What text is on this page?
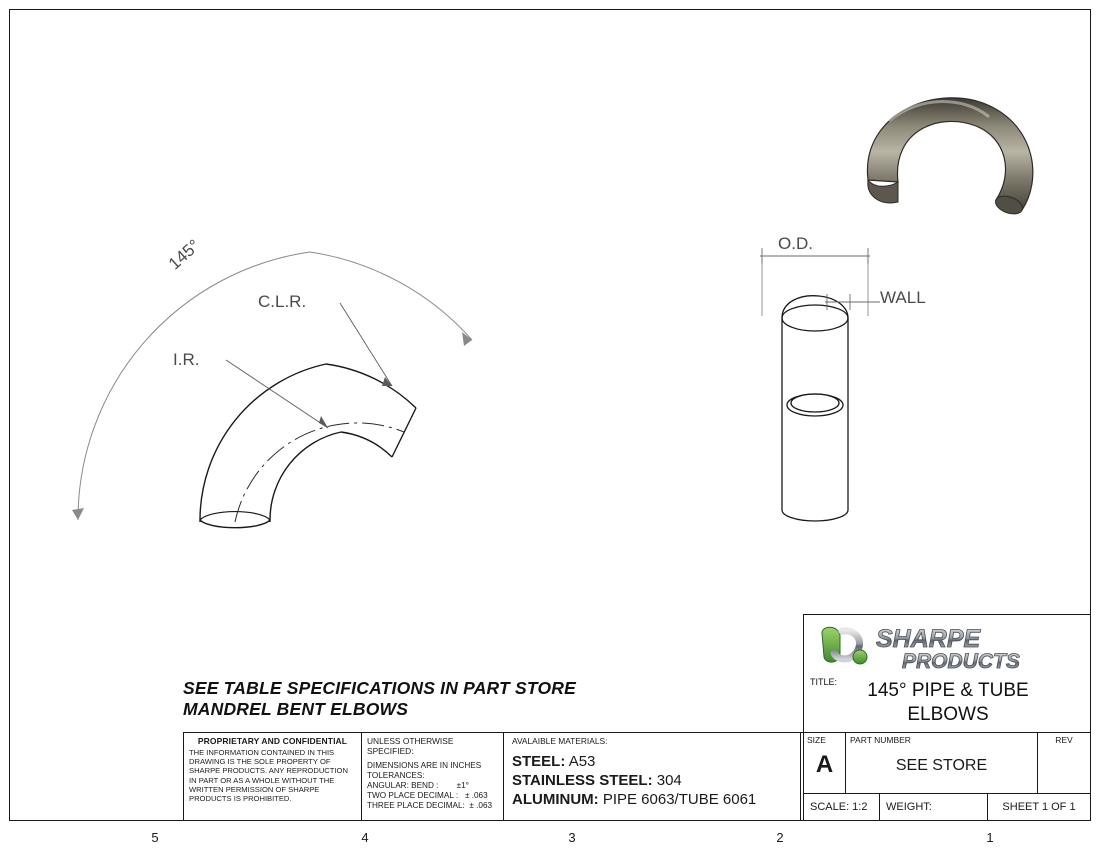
145°
C.L.R.
I.R.
O.D.
WALL
SEE TABLE SPECIFICATIONS IN PART STORE
MANDREL BENT ELBOWS
SHARPE
PRODUCTS
TITLE:	145° PIPE & TUBE
ELBOWS
PROPRIETARY AND CONFIDENTIAL
THE INFORMATION CONTAINED IN THIS DRAWING IS THE SOLE PROPERTY OF SHARPE PRODUCTS. ANY REPRODUCTION IN PART OR AS A WHOLE WITHOUT THE WRITTEN PERMISSION OF SHARPE PRODUCTS IS PROHIBITED.
UNLESS OTHERWISE SPECIFIED:
DIMENSIONS ARE IN INCHES
TOLERANCES:
ANGULAR: BEND :        ±1°
TWO PLACE DECIMAL :   ± .063
THREE PLACE DECIMAL:  ± .063
AVALAIBLE MATERIALS:
STEEL: A53
STAINLESS STEEL: 304
ALUMINUM: PIPE 6063/TUBE 6061
SIZE
A
PART NUMBER
SEE STORE
REV
SCALE: 1:2	WEIGHT:	SHEET 1 OF 1
5	4	3	2	1
